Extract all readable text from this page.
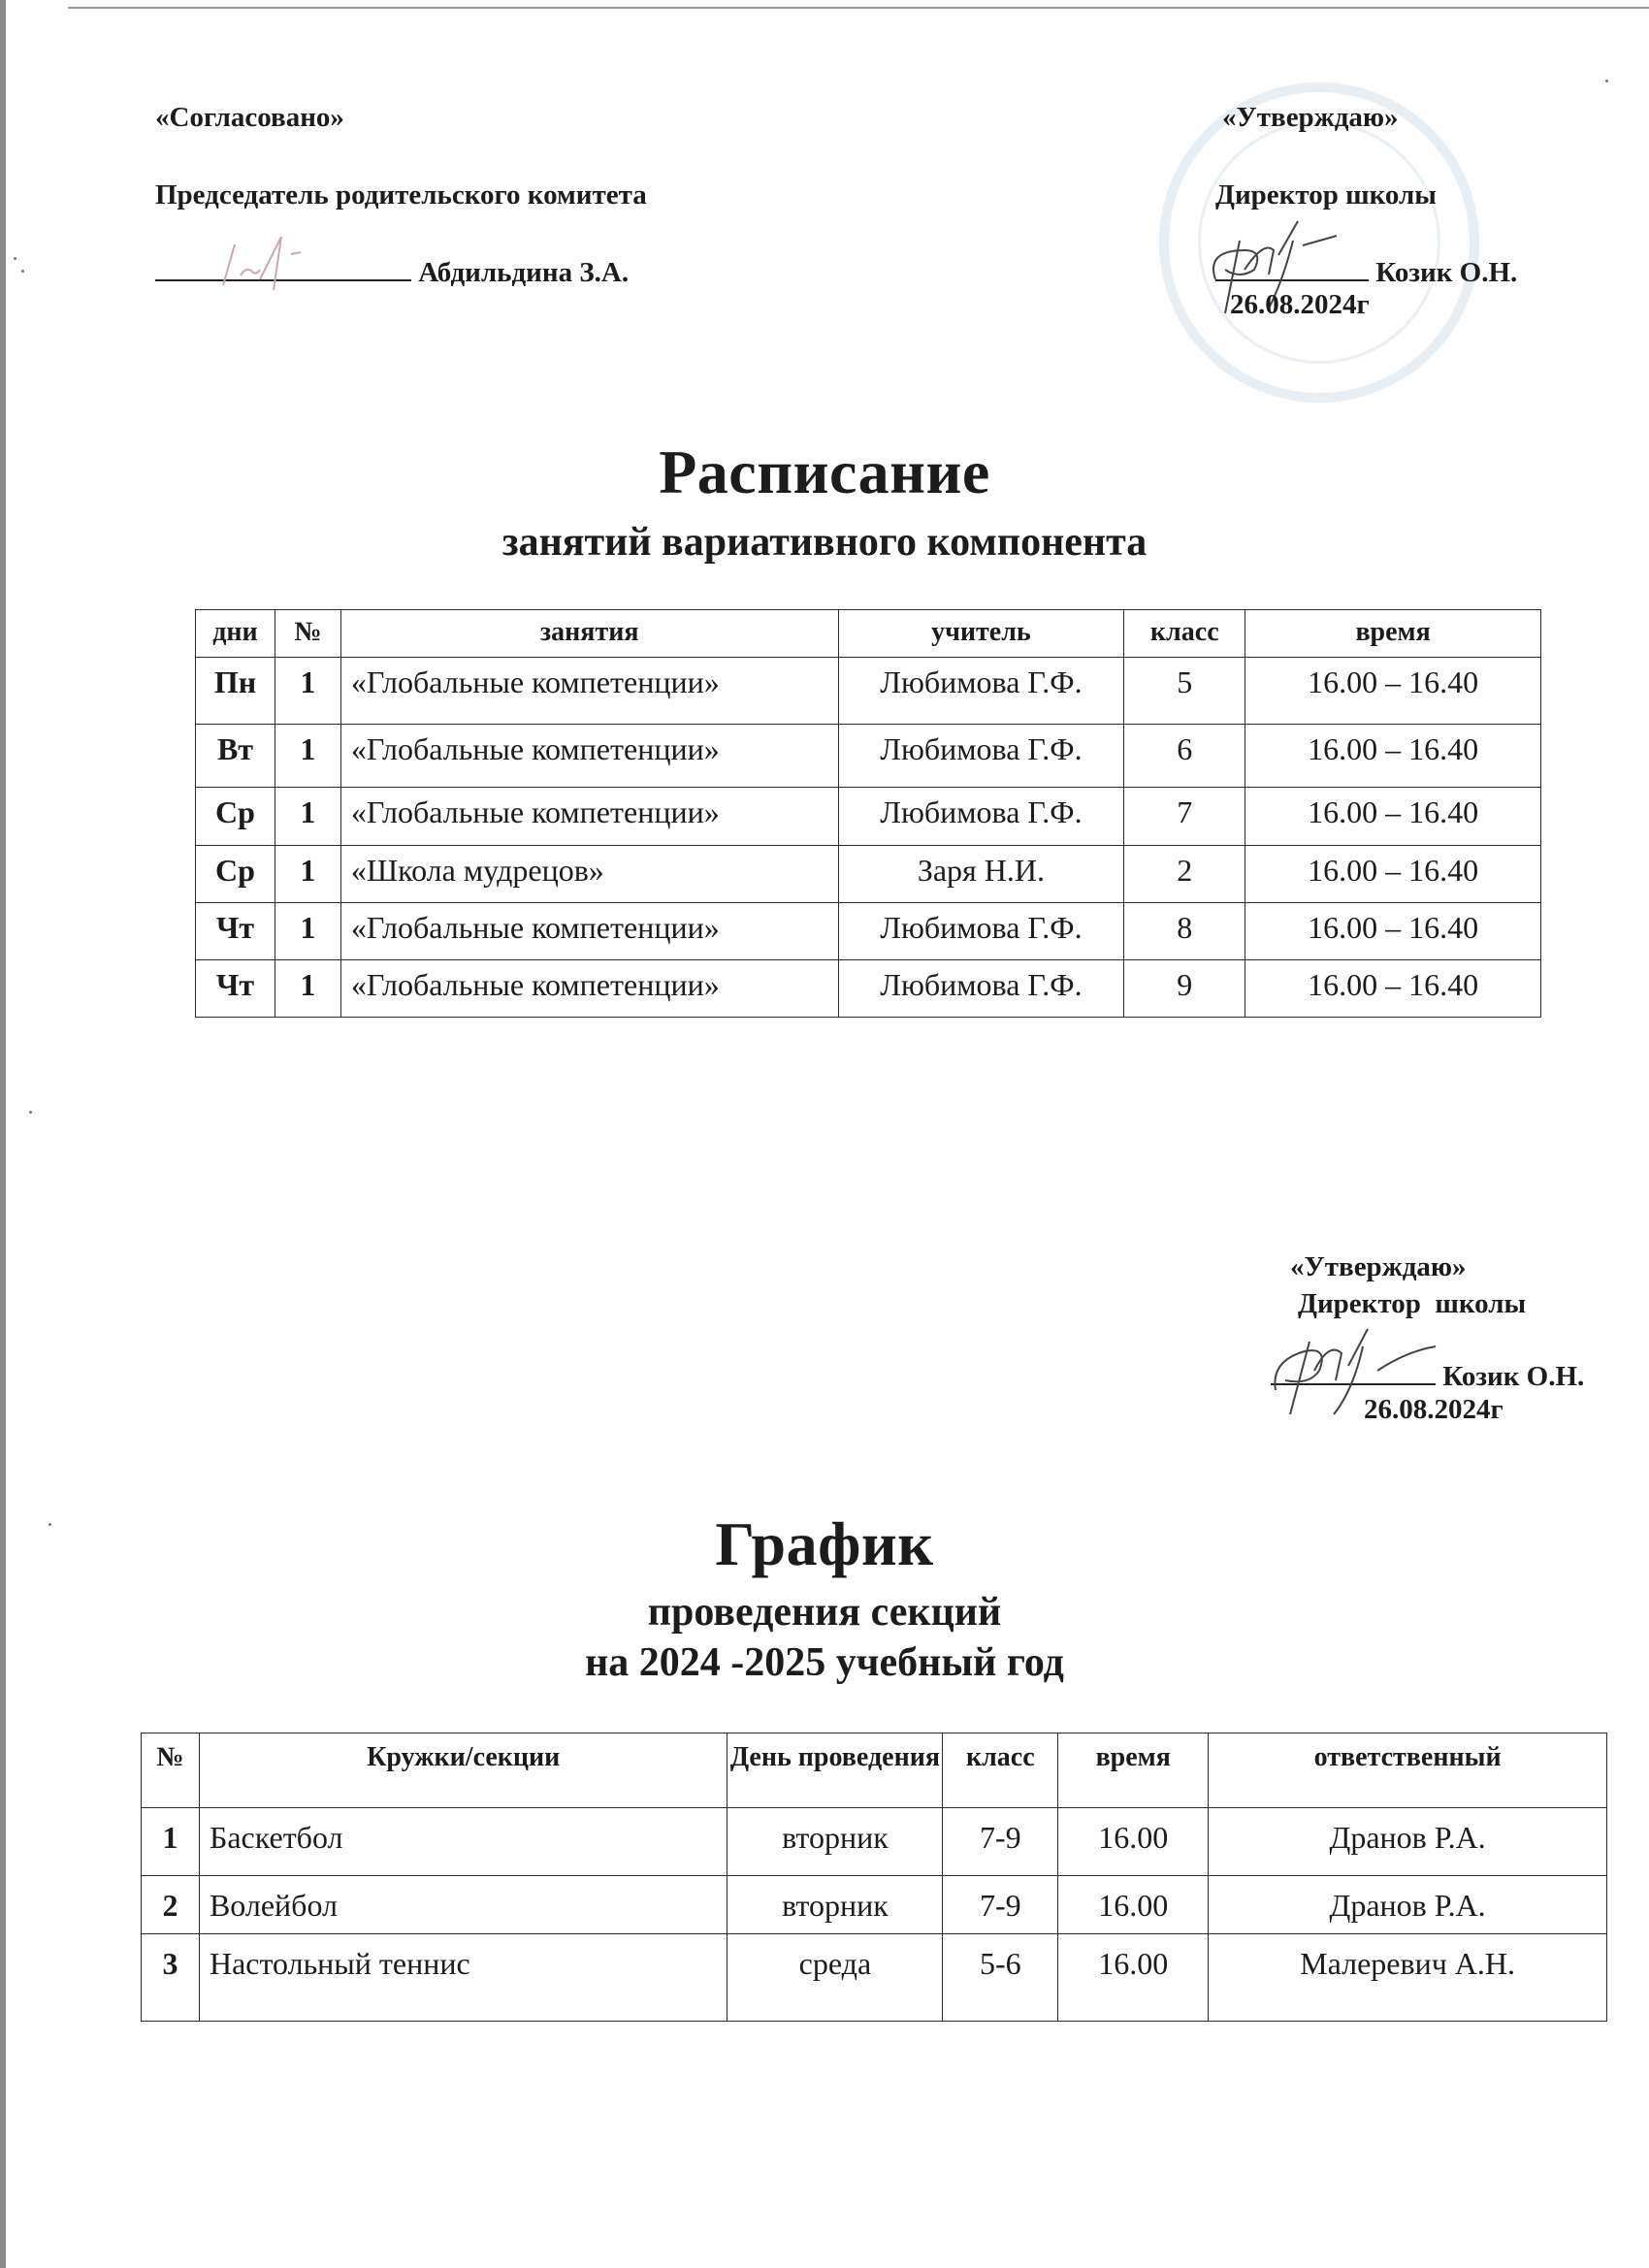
«Согласовано»
Председатель родительского комитета
Абдильдина З.А.
«Утверждаю»
Директор школы
Козик О.Н.
26.08.2024г
Расписание
занятий вариативного компонента
дни	№	занятия	учитель	класс	время
Пн	1	«Глобальные компетенции»	Любимова Г.Ф.	5	16.00 – 16.40
Вт	1	«Глобальные компетенции»	Любимова Г.Ф.	6	16.00 – 16.40
Ср	1	«Глобальные компетенции»	Любимова Г.Ф.	7	16.00 – 16.40
Ср	1	«Школа мудрецов»	Заря Н.И.	2	16.00 – 16.40
Чт	1	«Глобальные компетенции»	Любимова Г.Ф.	8	16.00 – 16.40
Чт	1	«Глобальные компетенции»	Любимова Г.Ф.	9	16.00 – 16.40
«Утверждаю»
Директор  школы
Козик О.Н.
26.08.2024г
График
проведения секций
на 2024 -2025 учебный год
№	Кружки/секции	День проведения	класс	время	ответственный
1	Баскетбол	вторник	7-9	16.00	Дранов Р.А.
2	Волейбол	вторник	7-9	16.00	Дранов Р.А.
3	Настольный теннис	среда	5-6	16.00	Малеревич А.Н.
